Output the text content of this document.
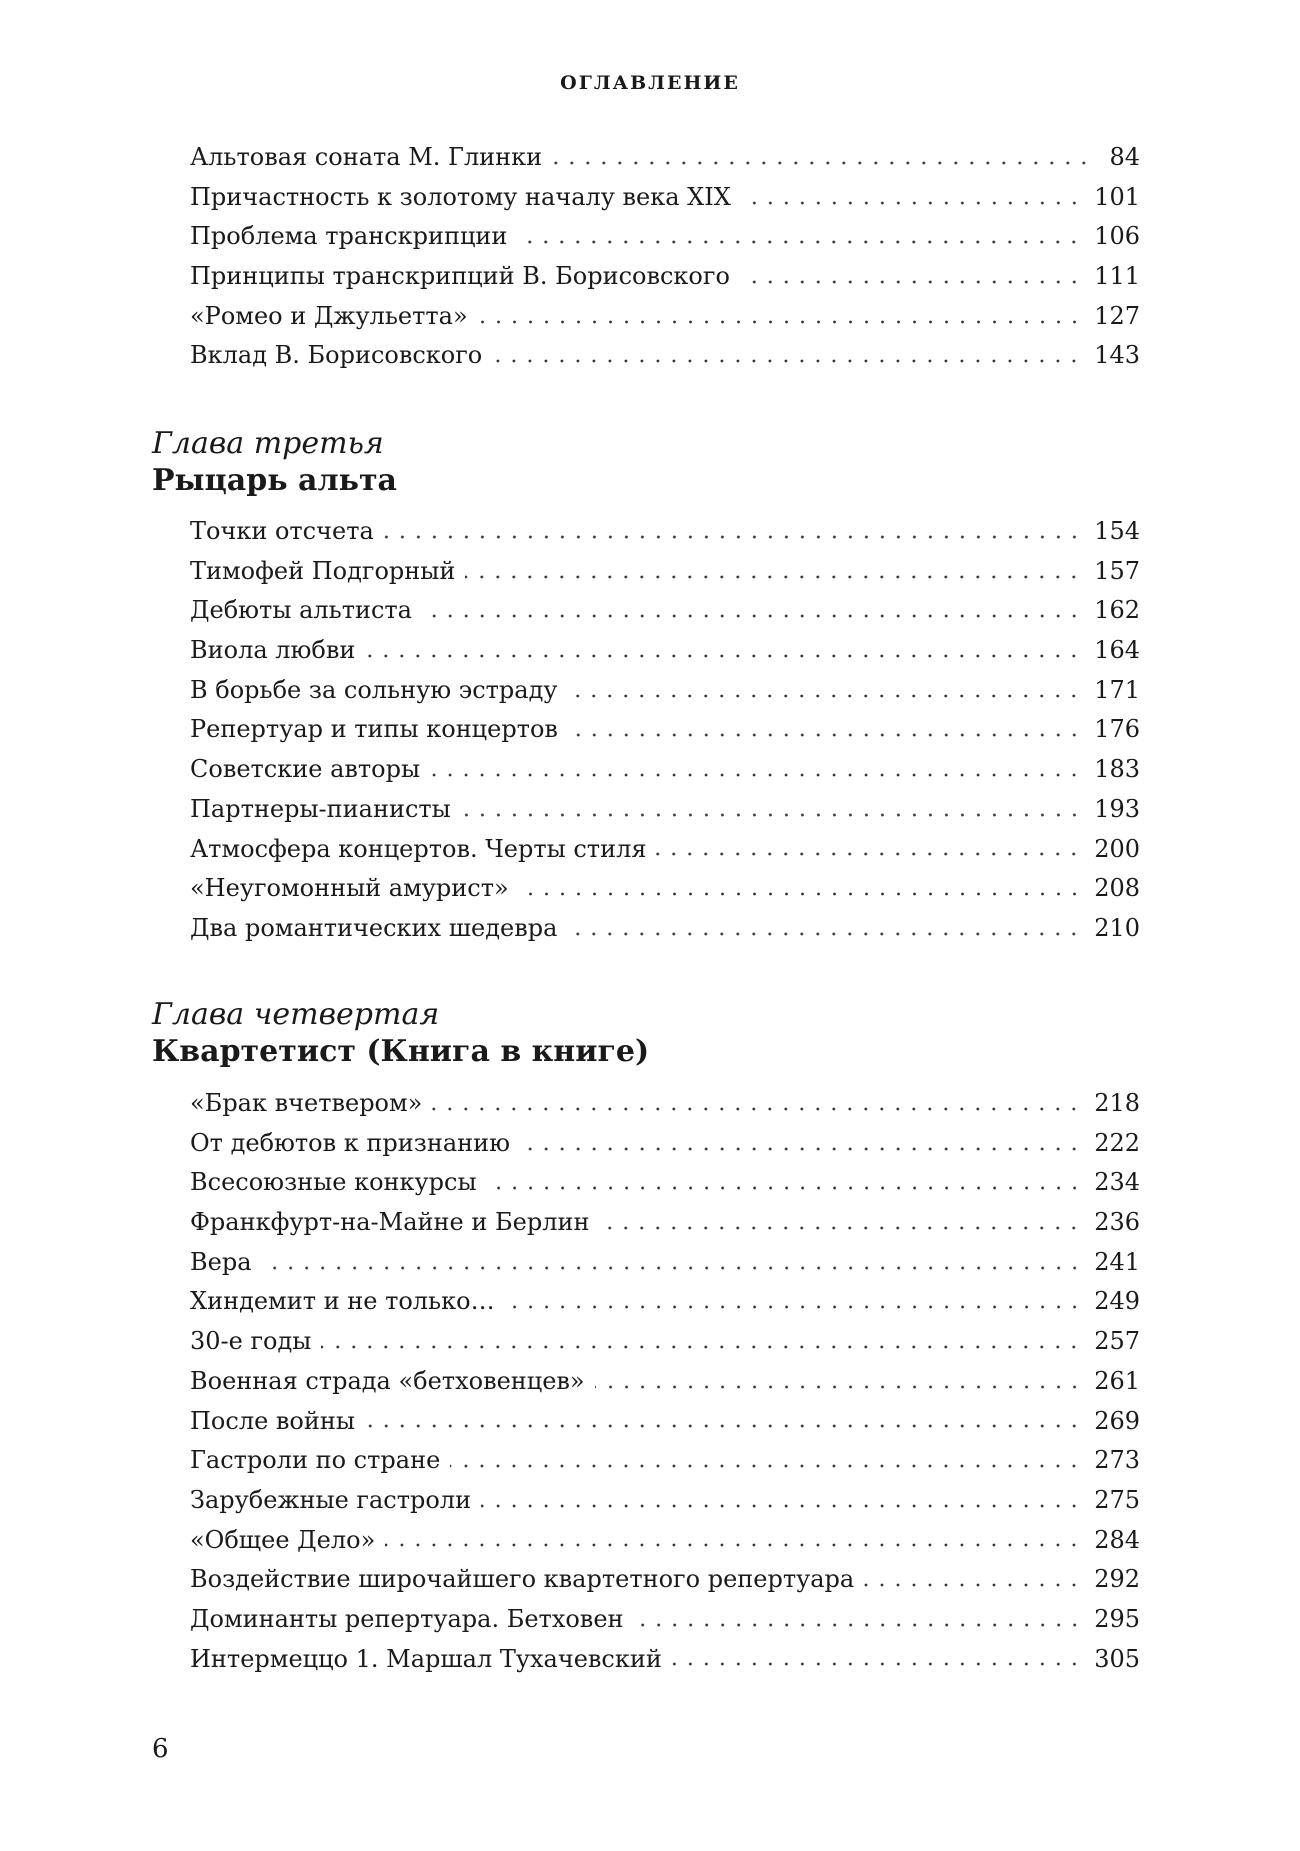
ОГЛАВЛЕНИЕ
Альтовая соната М. Глинки	84
Причастность к золотому началу века XIX	101
Проблема транскрипции	106
Принципы транскрипций В. Борисовского	111
«Ромео и Джульетта»	127
Вклад В. Борисовского	143
Глава третья
Рыцарь альта
Точки отсчета	154
Тимофей Подгорный	157
Дебюты альтиста	162
Виола любви	164
В борьбе за сольную эстраду	171
Репертуар и типы концертов	176
Советские авторы	183
Партнеры-пианисты	193
Атмосфера концертов. Черты стиля	200
«Неугомонный амурист»	208
Два романтических шедевра	210
Глава четвертая
Квартетист (Книга в книге)
«Брак вчетвером»	218
От дебютов к признанию	222
Всесоюзные конкурсы	234
Франкфурт-на-Майне и Берлин	236
Вера	241
Хиндемит и не только…	249
30-е годы	257
Военная страда «бетховенцев»	261
После войны	269
Гастроли по стране	273
Зарубежные гастроли	275
«Общее Дело»	284
Воздействие широчайшего квартетного репертуара	292
Доминанты репертуара. Бетховен	295
Интермеццо 1. Маршал Тухачевский	305
6
